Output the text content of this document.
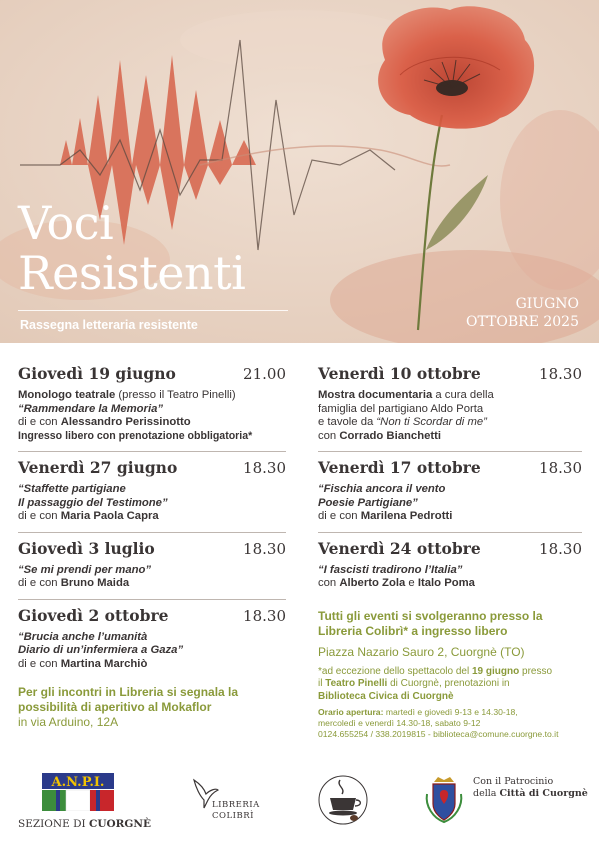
Voci
Resistenti
Rassegna letteraria resistente
GIUGNO
OTTOBRE 2025
Giovedì 19 giugno	21.00
Monologo teatrale (presso il Teatro Pinelli)
“Rammendare la Memoria”
di e con Alessandro Perissinotto
Ingresso libero con prenotazione obbligatoria*
Venerdì 27 giugno	18.30
“Staffette partigiane
Il passaggio del Testimone”
di e con Maria Paola Capra
Giovedì 3 luglio	18.30
“Se mi prendi per mano”
di e con Bruno Maida
Giovedì 2 ottobre	18.30
“Brucia anche l’umanità
Diario di un’infermiera a Gaza”
di e con Martina Marchiò
Per gli incontri in Libreria si segnala la
possibilità di aperitivo al Mokaflor
in via Arduino, 12A
Venerdì 10 ottobre	18.30
Mostra documentaria a cura della
famiglia del partigiano Aldo Porta
e tavole da “Non ti Scordar di me”
con Corrado Bianchetti
Venerdì 17 ottobre	18.30
“Fischia ancora il vento
Poesie Partigiane”
di e con Marilena Pedrotti
Venerdì 24 ottobre	18.30
“I fascisti tradirono l’Italia”
con Alberto Zola e Italo Poma
Tutti gli eventi si svolgeranno presso la
Libreria Colibrì* a ingresso libero
Piazza Nazario Sauro 2, Cuorgnè (TO)
*ad eccezione dello spettacolo del 19 giugno presso
il Teatro Pinelli di Cuorgnè, prenotazioni in
Biblioteca Civica di Cuorgnè
Orario apertura: martedì e giovedì 9-13 e 14.30-18,
mercoledì e venerdì 14.30-18, sabato 9-12
0124.655254 / 338.2019815 - biblioteca@comune.cuorgne.to.it
A.N.P.I.
SEZIONE DI CUORGNÈ
LIBRERIA
COLIBRÌ
Con il Patrocinio
della Città di Cuorgnè
